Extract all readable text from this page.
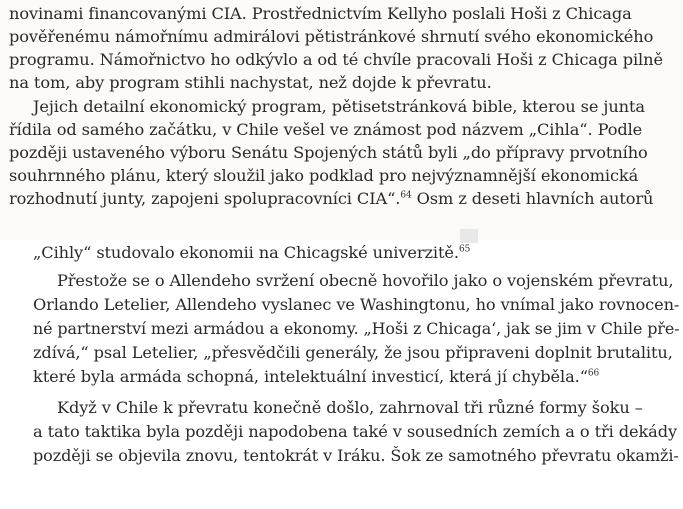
novinami financovanými CIA. Prostřednictvím Kellyho poslali Hoši z Chicaga
pověřenému námořnímu admirálovi pětistránkové shrnutí svého ekonomického
programu. Námořnictvo ho odkývlo a od té chvíle pracovali Hoši z Chicaga pilně
na tom, aby program stihli nachystat, než dojde k převratu.
Jejich detailní ekonomický program, pětisetstránková bible, kterou se junta
řídila od samého začátku, v Chile vešel ve známost pod názvem „Cihla“. Podle
později ustaveného výboru Senátu Spojených států byli „do přípravy prvotního
souhrnného plánu, který sloužil jako podklad pro nejvýznamnější ekonomická
rozhodnutí junty, zapojeni spolupracovníci CIA“.$^{64}$ Osm z deseti hlavních autorů
„Cihly“ studovalo ekonomii na Chicagské univerzitě.$^{65}$
Přestože se o Allendeho svržení obecně hovořilo jako o vojenském převratu,
Orlando Letelier, Allendeho vyslanec ve Washingtonu, ho vnímal jako rovnocen-
né partnerství mezi armádou a ekonomy. „Hoši z Chicaga‘, jak se jim v Chile pře-
zdívá,“ psal Letelier, „přesvědčili generály, že jsou připraveni doplnit brutalitu,
které byla armáda schopná, intelektuální investicí, která jí chyběla.“$^{66}$
Když v Chile k převratu konečně došlo, zahrnoval tři různé formy šoku –
a tato taktika byla později napodobena také v sousedních zemích a o tři dekády
později se objevila znovu, tentokrát v Iráku. Šok ze samotného převratu okamži-
